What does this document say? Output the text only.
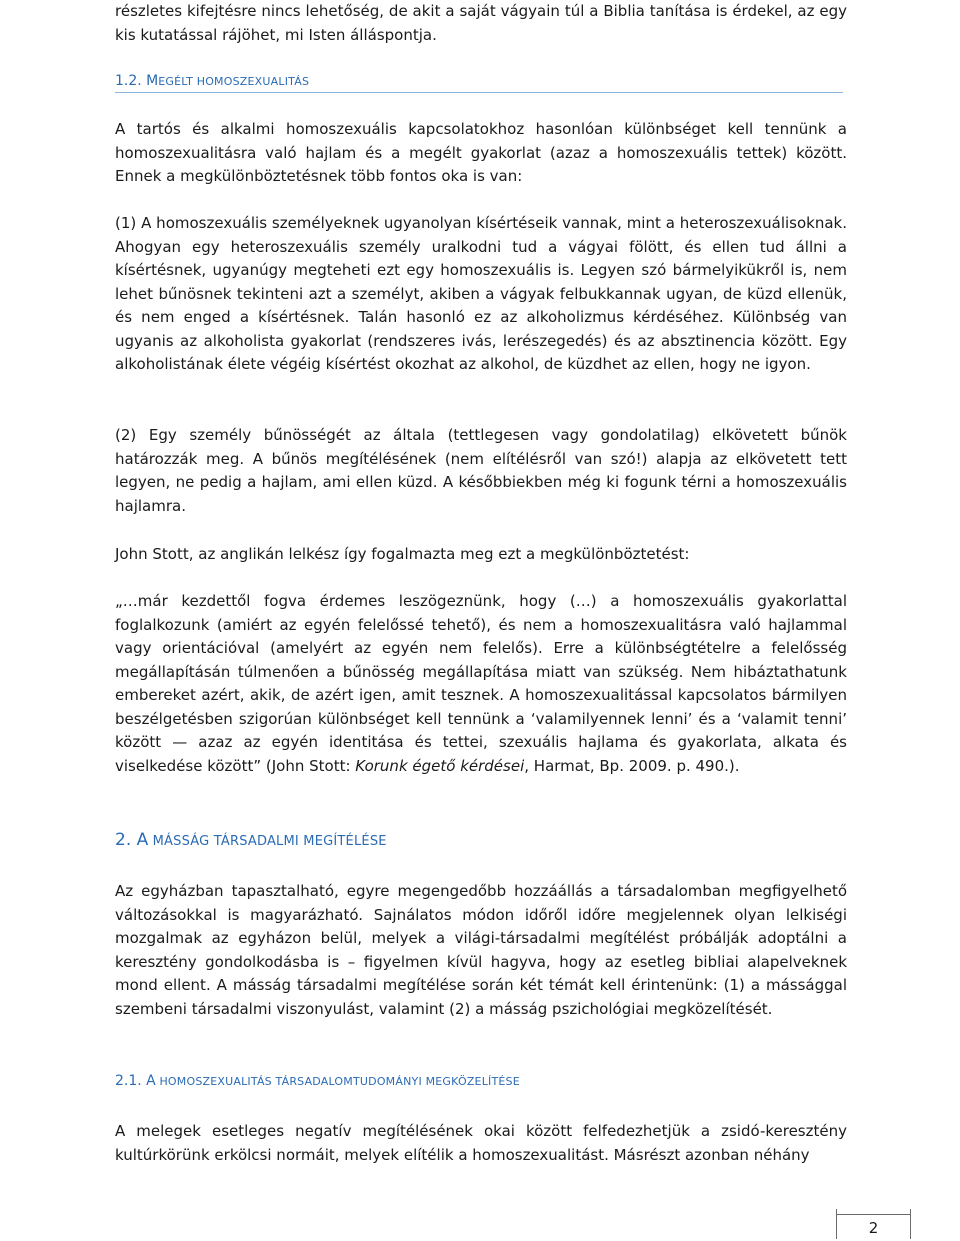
részletes kifejtésre nincs lehetőség, de akit a saját vágyain túl a Biblia tanítása is érdekel, az egy kis kutatással rájöhet, mi Isten álláspontja.

1.2. MEGÉLT HOMOSZEXUALITÁS

A tartós és alkalmi homoszexuális kapcsolatokhoz hasonlóan különbséget kell tennünk a homoszexualitásra való hajlam és a megélt gyakorlat (azaz a homoszexuális tettek) között. Ennek a megkülönböztetésnek több fontos oka is van:

(1) A homoszexuális személyeknek ugyanolyan kísértéseik vannak, mint a heteroszexuálisoknak. Ahogyan egy heteroszexuális személy uralkodni tud a vágyai fölött, és ellen tud állni a kísértésnek, ugyanúgy megteheti ezt egy homoszexuális is. Legyen szó bármelyikükről is, nem lehet bűnösnek tekinteni azt a személyt, akiben a vágyak felbukkannak ugyan, de küzd ellenük, és nem enged a kísértésnek. Talán hasonló ez az alkoholizmus kérdéséhez. Különbség van ugyanis az alkoholista gyakorlat (rendszeres ivás, lerészegedés) és az absztinencia között. Egy alkoholistának élete végéig kísértést okozhat az alkohol, de küzdhet az ellen, hogy ne igyon.

(2) Egy személy bűnösségét az általa (tettlegesen vagy gondolatilag) elkövetett bűnök határozzák meg. A bűnös megítélésének (nem elítélésről van szó!) alapja az elkövetett tett legyen, ne pedig a hajlam, ami ellen küzd. A későbbiekben még ki fogunk térni a homoszexuális hajlamra.

John Stott, az anglikán lelkész így fogalmazta meg ezt a megkülönböztetést:

„…már kezdettől fogva érdemes leszögeznünk, hogy (…) a homoszexuális gyakorlattal foglalkozunk (amiért az egyén felelőssé tehető), és nem a homoszexualitásra való hajlammal vagy orientációval (amelyért az egyén nem felelős). Erre a különbségtételre a felelősség megállapításán túlmenően a bűnösség megállapítása miatt van szükség. Nem hibáztathatunk embereket azért, akik, de azért igen, amit tesznek. A homoszexualitással kapcsolatos bármilyen beszélgetésben szigorúan különbséget kell tennünk a ‘valamilyennek lenni’ és a ‘valamit tenni’ között — azaz az egyén identitása és tettei, szexuális hajlama és gyakorlata, alkata és viselkedése között” (John Stott: Korunk égető kérdései, Harmat, Bp. 2009. p. 490.).

2. A MÁSSÁG TÁRSADALMI MEGÍTÉLÉSE

Az egyházban tapasztalható, egyre megengedőbb hozzáállás a társadalomban megfigyelhető változásokkal is magyarázható. Sajnálatos módon időről időre megjelennek olyan lelkiségi mozgalmak az egyházon belül, melyek a világi-társadalmi megítélést próbálják adoptálni a keresztény gondolkodásba is – figyelmen kívül hagyva, hogy az esetleg bibliai alapelveknek mond ellent. A másság társadalmi megítélése során két témát kell érintenünk: (1) a mássággal szembeni társadalmi viszonyulást, valamint (2) a másság pszichológiai megközelítését.

2.1. A HOMOSZEXUALITÁS TÁRSADALOMTUDOMÁNYI MEGKÖZELÍTÉSE

A melegek esetleges negatív megítélésének okai között felfedezhetjük a zsidó-keresztény kultúrkörünk erkölcsi normáit, melyek elítélik a homoszexualitást. Másrészt azonban néhány

2
